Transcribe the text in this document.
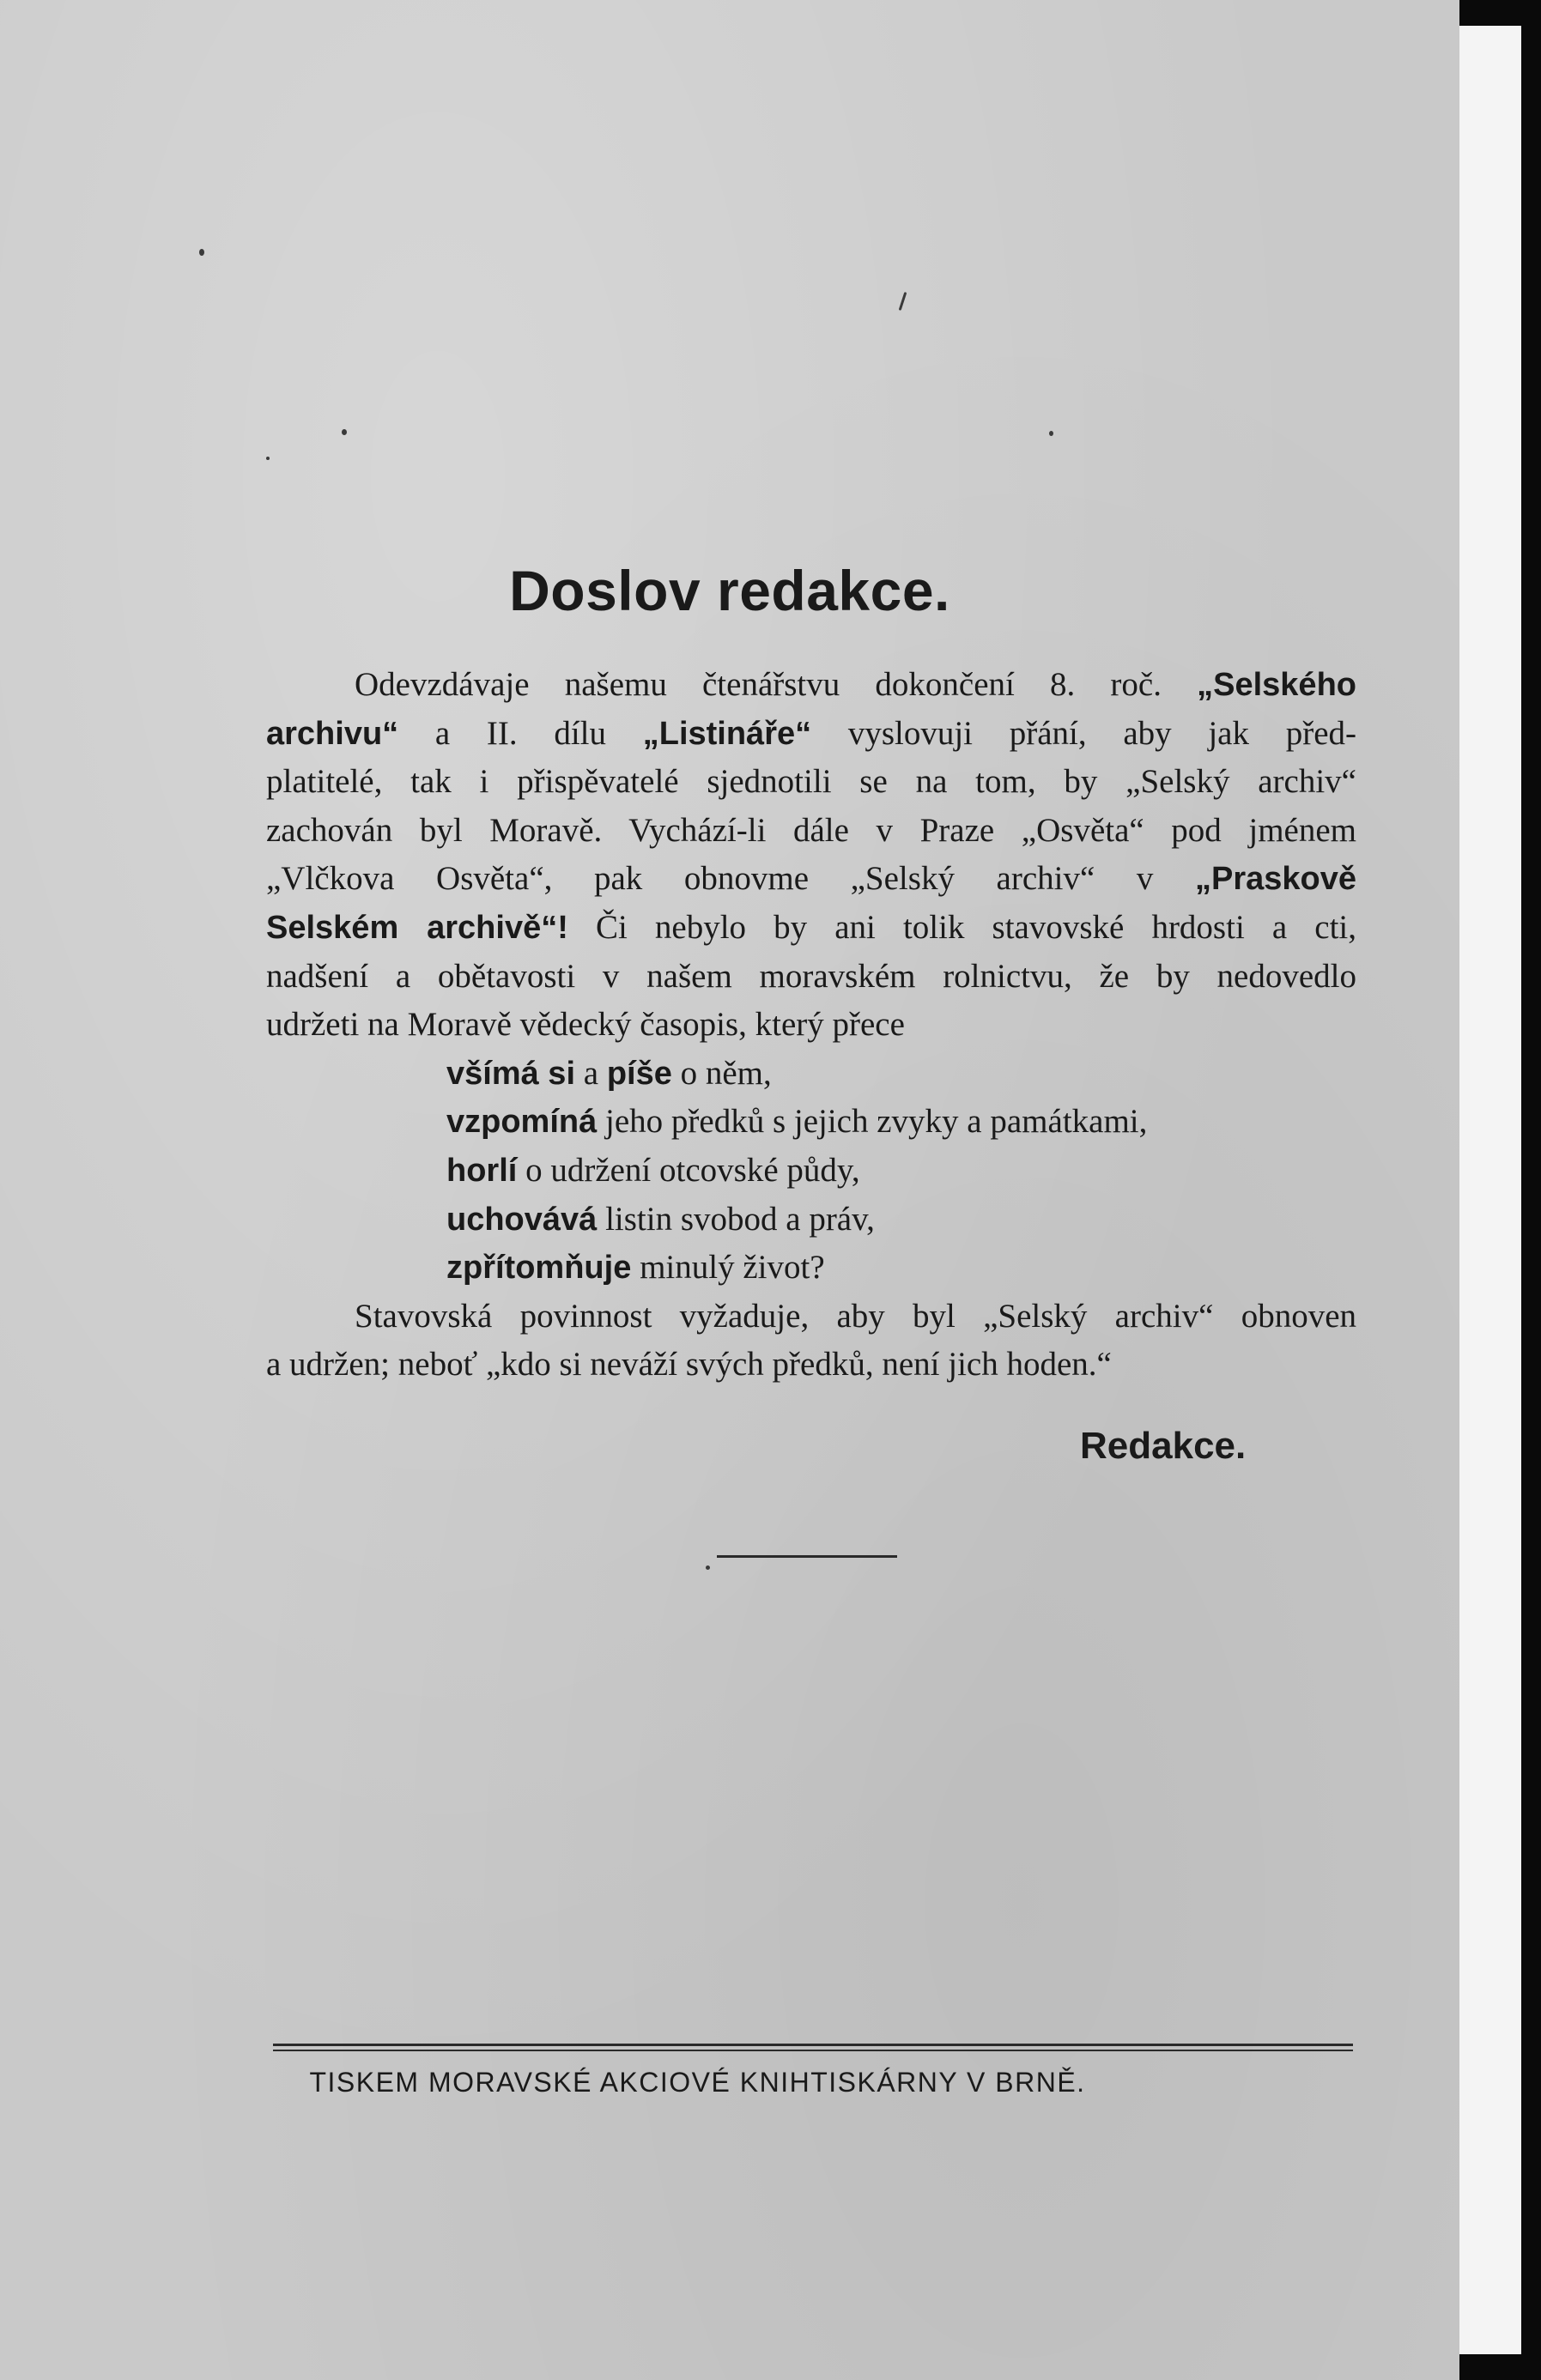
Doslov redakce.
Odevzdávaje našemu čtenářstvu dokončení 8. roč. „Selského
archivu“ a II. dílu „Listináře“ vyslovuji přání, aby jak před-
platitelé, tak i přispěvatelé sjednotili se na tom, by „Selský archiv“
zachován byl Moravě. Vychází-li dále v Praze „Osvěta“ pod jménem
„Vlčkova Osvěta“, pak obnovme „Selský archiv“ v „Praskově
Selském archivě“! Či nebylo by ani tolik stavovské hrdosti a cti,
nadšení a obětavosti v našem moravském rolnictvu, že by nedovedlo
udržeti na Moravě vědecký časopis, který přece
všímá si a píše o něm,
vzpomíná jeho předků s jejich zvyky a památkami,
horlí o udržení otcovské půdy,
uchovává listin svobod a práv,
zpřítomňuje minulý život?
Stavovská povinnost vyžaduje, aby byl „Selský archiv“ obnoven
a udržen; neboť „kdo si neváží svých předků, není jich hoden.“
Redakce.
TISKEM MORAVSKÉ AKCIOVÉ KNIHTISKÁRNY V BRNĚ.
